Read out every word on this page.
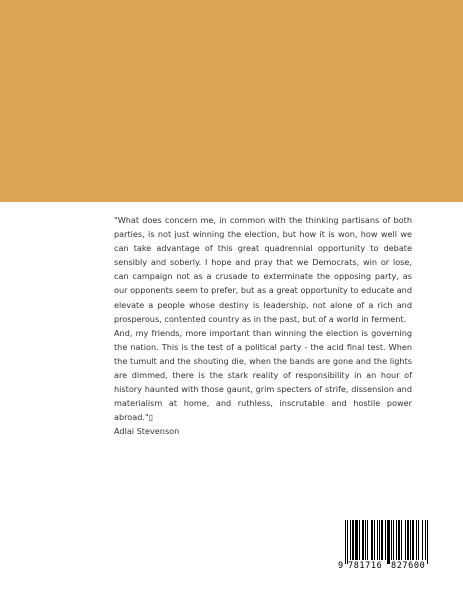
"What does concern me, in common with the thinking partisans of both parties, is not just winning the election, but how it is won, how well we can take advantage of this great quadrennial opportunity to debate sensibly and soberly. I hope and pray that we Democrats, win or lose, can campaign not as a crusade to exterminate the opposing party, as our opponents seem to prefer, but as a great opportunity to educate and elevate a people whose destiny is leadership, not alone of a rich and prosperous, contented country as in the past, but of a world in ferment.

And, my friends, more important than winning the election is governing the nation. This is the test of a political party - the acid final test. When the tumult and the shouting die, when the bands are gone and the lights are dimmed, there is the stark reality of responsibility in an hour of history haunted with those gaunt, grim specters of strife, dissension and materialism at home, and ruthless, inscrutable and hostile power abroad."▯

Adlai Stevenson

9 781716 827600
